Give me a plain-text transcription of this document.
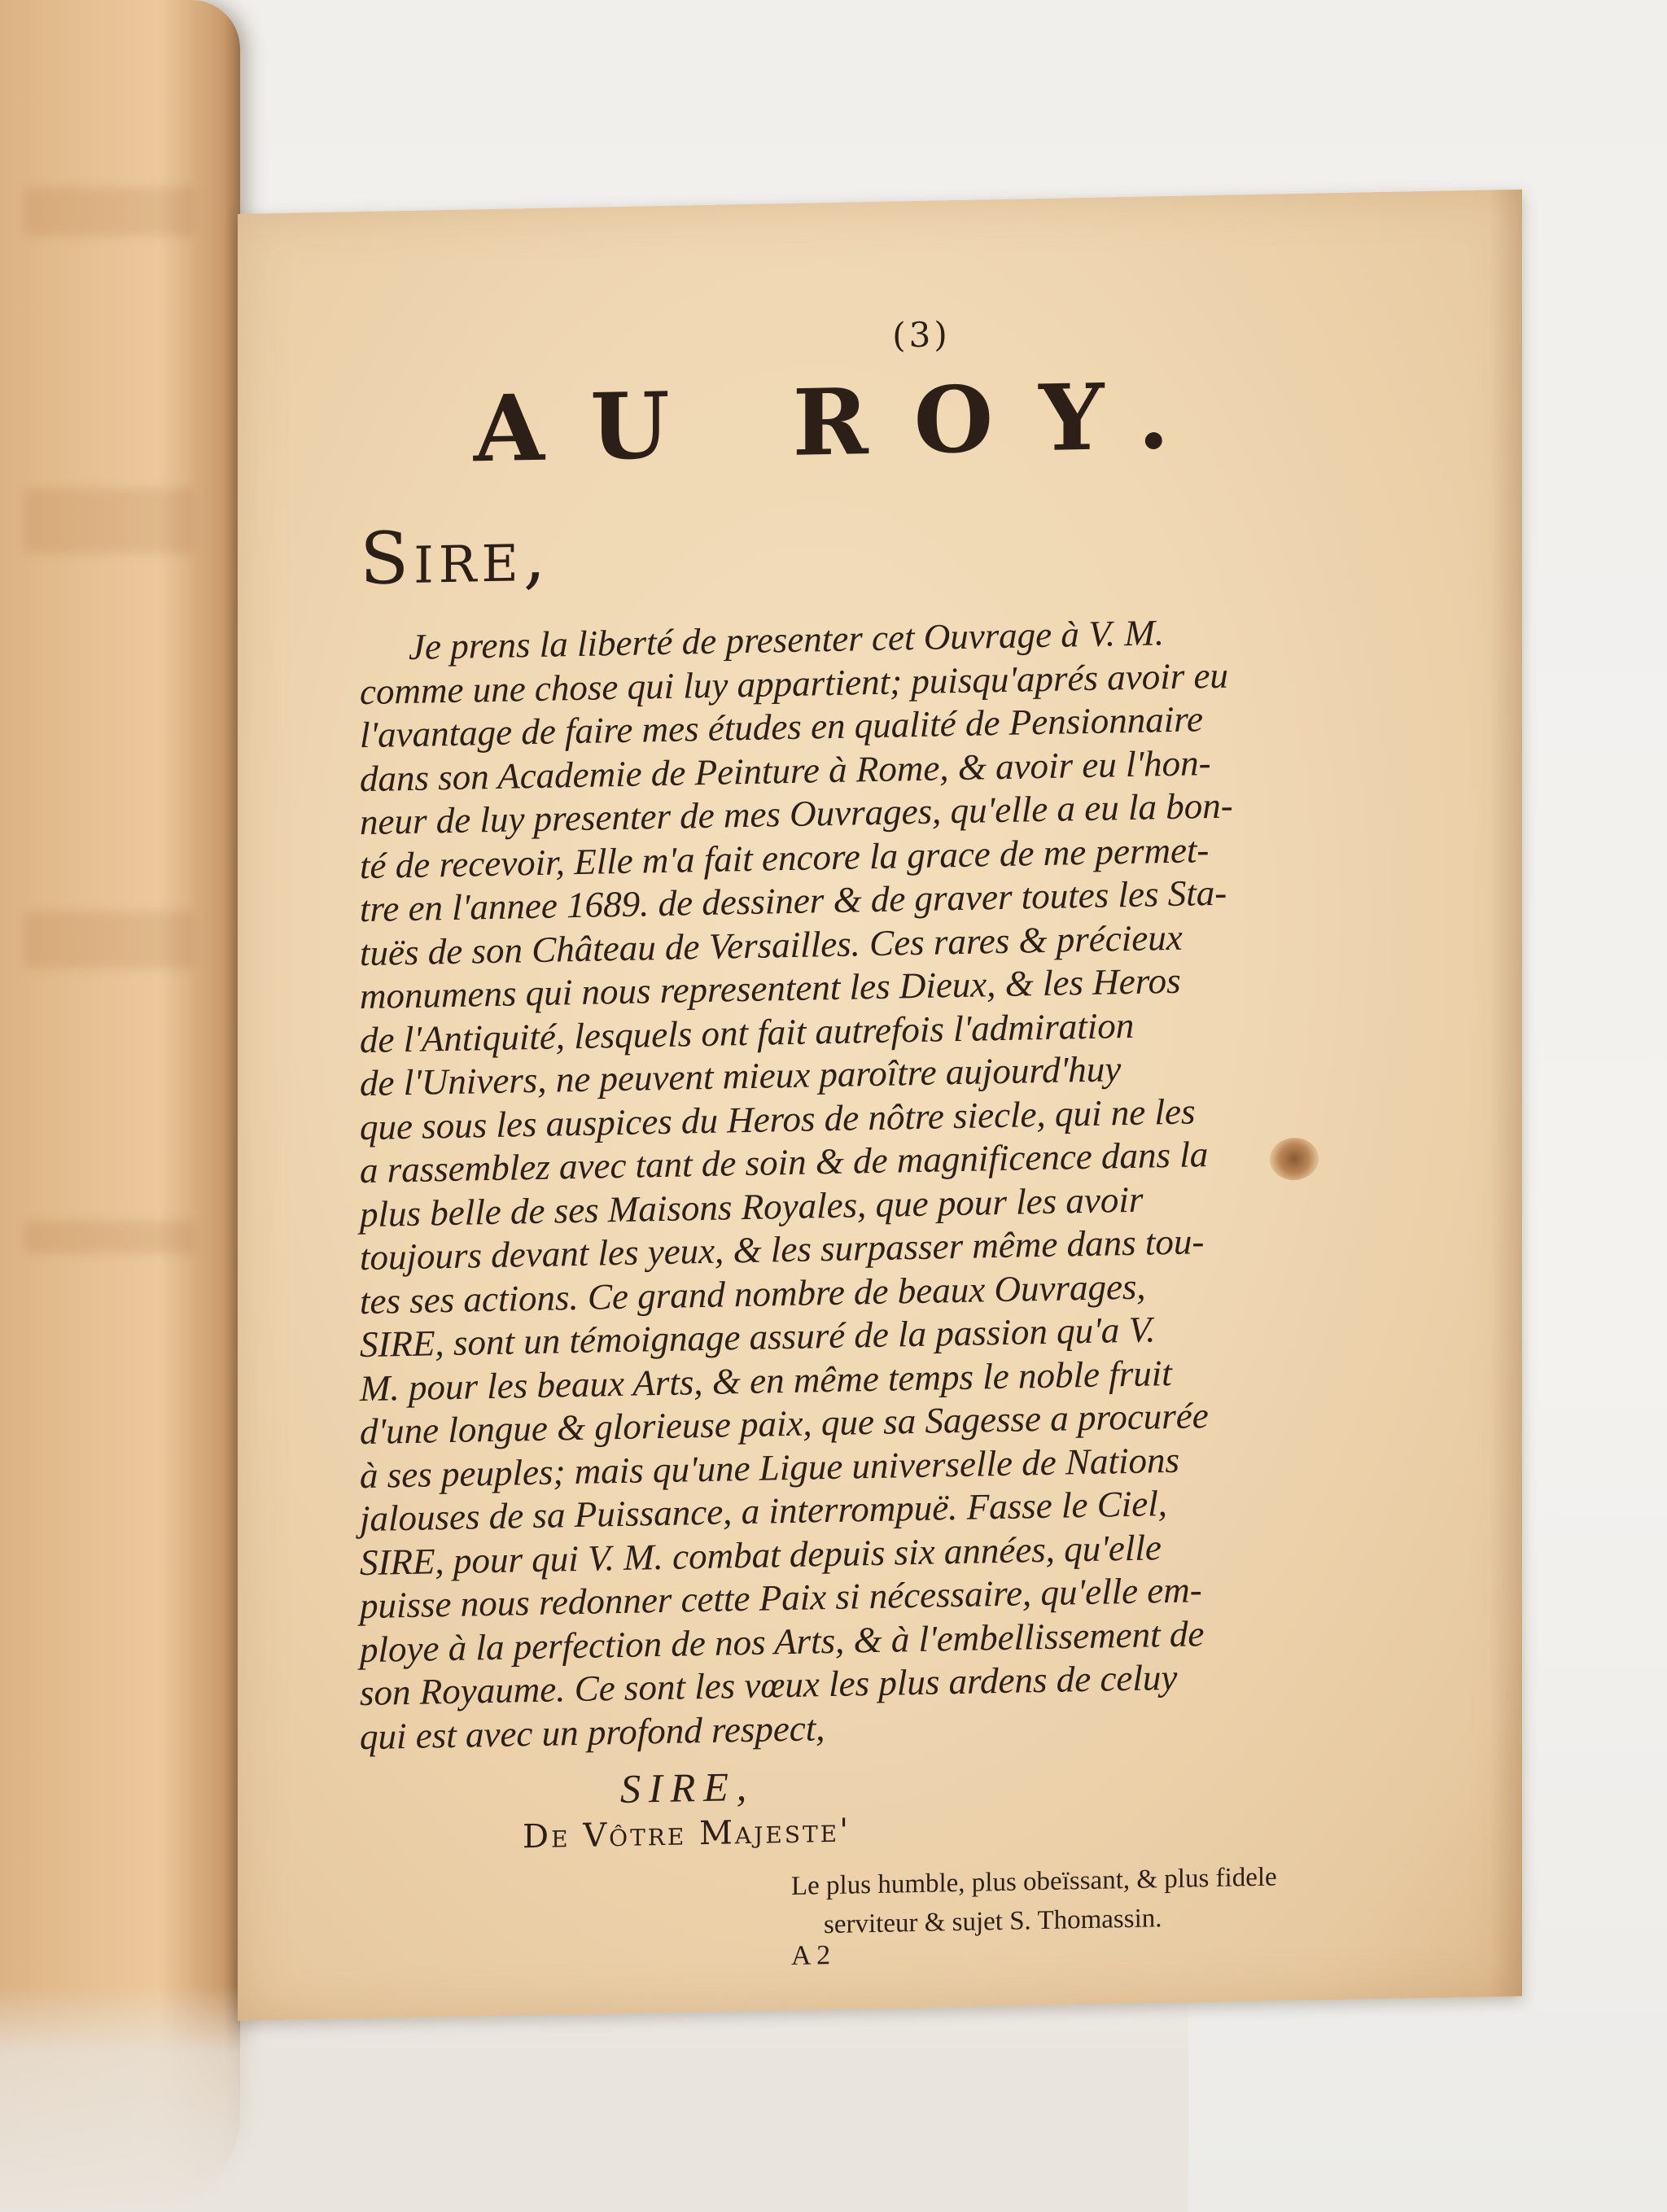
(3)
AU ROY.
Sire,
Je prens la liberté de presenter cet Ouvrage à V. M.
comme une chose qui luy appartient; puisqu'aprés avoir eu
l'avantage de faire mes études en qualité de Pensionnaire
dans son Academie de Peinture à Rome, & avoir eu l'hon-
neur de luy presenter de mes Ouvrages, qu'elle a eu la bon-
té de recevoir, Elle m'a fait encore la grace de me permet-
tre en l'annee 1689. de dessiner & de graver toutes les Sta-
tuës de son Château de Versailles. Ces rares & précieux
monumens qui nous representent les Dieux, & les Heros
de l'Antiquité, lesquels ont fait autrefois l'admiration
de l'Univers, ne peuvent mieux paroître aujourd'huy
que sous les auspices du Heros de nôtre siecle, qui ne les
a rassemblez avec tant de soin & de magnificence dans la
plus belle de ses Maisons Royales, que pour les avoir
toujours devant les yeux, & les surpasser même dans tou-
tes ses actions. Ce grand nombre de beaux Ouvrages,
SIRE, sont un témoignage assuré de la passion qu'a V.
M. pour les beaux Arts, & en même temps le noble fruit
d'une longue & glorieuse paix, que sa Sagesse a procurée
à ses peuples; mais qu'une Ligue universelle de Nations
jalouses de sa Puissance, a interrompuë. Fasse le Ciel,
SIRE, pour qui V. M. combat depuis six années, qu'elle
puisse nous redonner cette Paix si nécessaire, qu'elle em-
ploye à la perfection de nos Arts, & à l'embellissement de
son Royaume. Ce sont les vœux les plus ardens de celuy
qui est avec un profond respect,
SIRE,
De Vôtre Majeste'
Le plus humble, plus obeïssant, & plus fidele
serviteur & sujet S. Thomassin.
A 2
